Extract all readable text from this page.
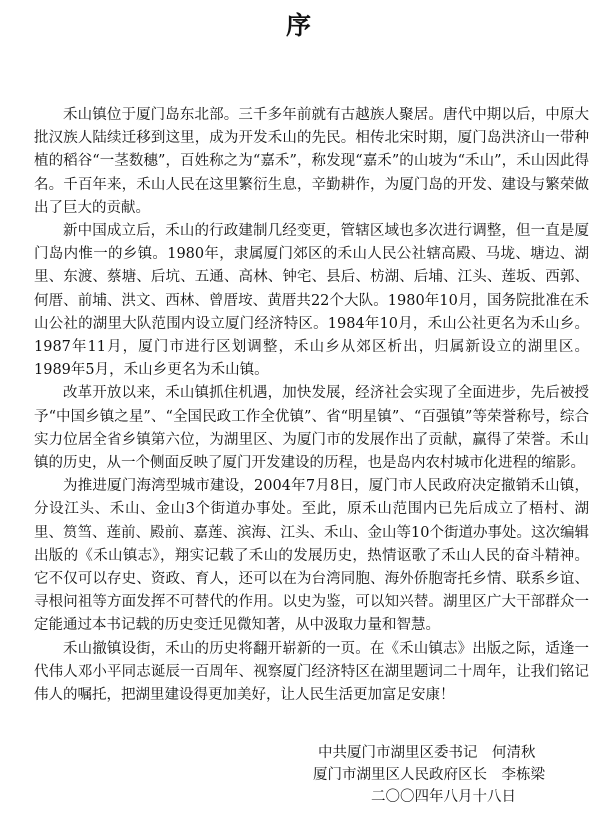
序

禾山镇位于厦门岛东北部。三千多年前就有古越族人聚居。唐代中期以后，中原大批汉族人陆续迁移到这里，成为开发禾山的先民。相传北宋时期，厦门岛洪济山一带种植的稻谷“一茎数穗”，百姓称之为“嘉禾”，称发现“嘉禾”的山坡为“禾山”，禾山因此得名。千百年来，禾山人民在这里繁衍生息，辛勤耕作，为厦门岛的开发、建设与繁荣做出了巨大的贡献。

新中国成立后，禾山的行政建制几经变更，管辖区域也多次进行调整，但一直是厦门岛内惟一的乡镇。1980年，隶属厦门郊区的禾山人民公社辖高殿、马垅、塘边、湖里、东渡、蔡塘、后坑、五通、高林、钟宅、县后、枋湖、后埔、江头、莲坂、西郭、何厝、前埔、洪文、西林、曾厝垵、黄厝共22个大队。1980年10月，国务院批准在禾山公社的湖里大队范围内设立厦门经济特区。1984年10月，禾山公社更名为禾山乡。1987年11月，厦门市进行区划调整，禾山乡从郊区析出，归属新设立的湖里区。1989年5月，禾山乡更名为禾山镇。

改革开放以来，禾山镇抓住机遇，加快发展，经济社会实现了全面进步，先后被授予“中国乡镇之星”、“全国民政工作全优镇”、省“明星镇”、“百强镇”等荣誉称号，综合实力位居全省乡镇第六位，为湖里区、为厦门市的发展作出了贡献，赢得了荣誉。禾山镇的历史，从一个侧面反映了厦门开发建设的历程，也是岛内农村城市化进程的缩影。

为推进厦门海湾型城市建设，2004年7月8日，厦门市人民政府决定撤销禾山镇，分设江头、禾山、金山3个街道办事处。至此，原禾山范围内已先后成立了梧村、湖里、筼筜、莲前、殿前、嘉莲、滨海、江头、禾山、金山等10个街道办事处。这次编辑出版的《禾山镇志》，翔实记载了禾山的发展历史，热情讴歌了禾山人民的奋斗精神。它不仅可以存史、资政、育人，还可以在为台湾同胞、海外侨胞寄托乡情、联系乡谊、寻根问祖等方面发挥不可替代的作用。以史为鉴，可以知兴替。湖里区广大干部群众一定能通过本书记载的历史变迁见微知著，从中汲取力量和智慧。

禾山撤镇设街，禾山的历史将翻开崭新的一页。在《禾山镇志》出版之际，适逢一代伟人邓小平同志诞辰一百周年、视察厦门经济特区在湖里题词二十周年，让我们铭记伟人的嘱托，把湖里建设得更加美好，让人民生活更加富足安康！

中共厦门市湖里区委书记　何清秋
厦门市湖里区人民政府区长　李栋梁
二〇〇四年八月十八日
